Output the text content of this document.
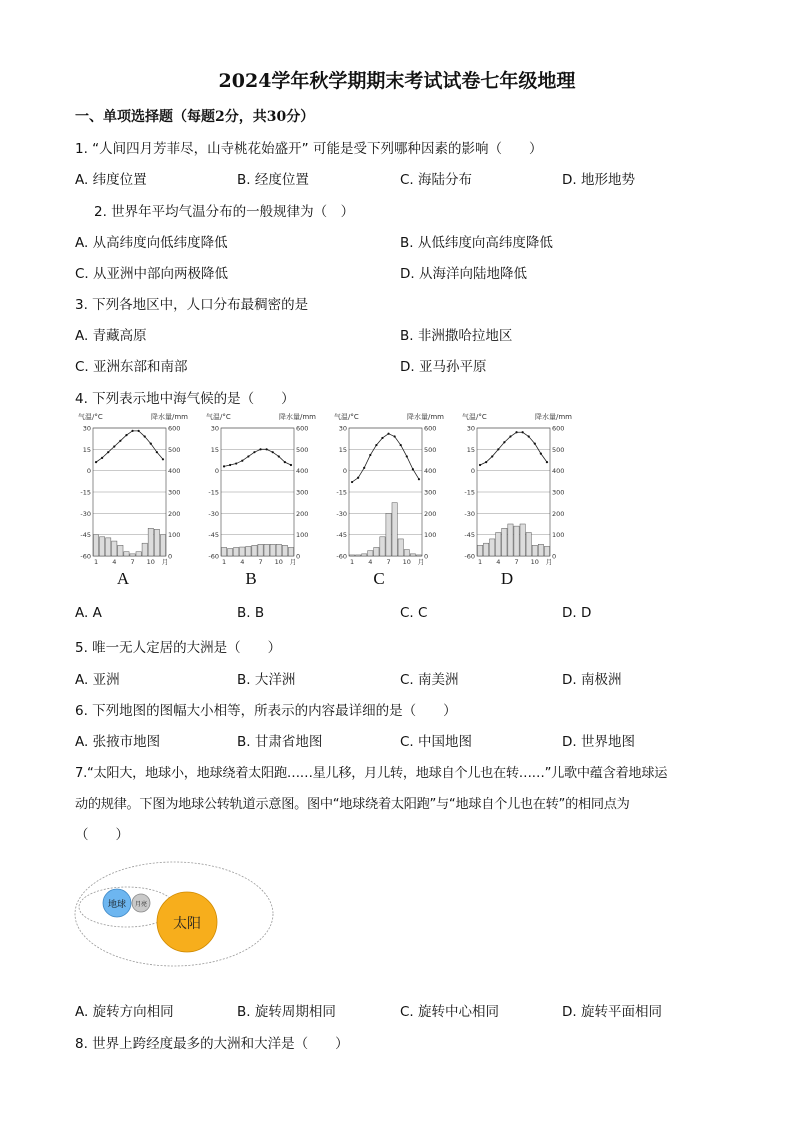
2024学年秋学期期末考试试卷七年级地理
一、单项选择题（每题2分，共30分）
1. “人间四月芳菲尽，山寺桃花始盛开” 可能是受下列哪种因素的影响（　　）
A. 纬度位置	B. 经度位置	C. 海陆分布	D. 地形地势
2. 世界年平均气温分布的一般规律为（　）
A. 从高纬度向低纬度降低	B. 从低纬度向高纬度降低
C. 从亚洲中部向两极降低	D. 从海洋向陆地降低
3. 下列各地区中，人口分布最稠密的是
A. 青藏高原	B. 非洲撒哈拉地区
C. 亚洲东部和南部	D. 亚马孙平原
4. 下列表示地中海气候的是（　　）
气温/°C	降水量/mm
30
15
0
-15
-30
-45
-60
600
500
400
300
200
100
0
1 4 7 10 月
A
气温/°C	降水量/mm
30
15
0
-15
-30
-45
-60
600
500
400
300
200
100
0
1 4 7 10 月
B
气温/°C	降水量/mm
30
15
0
-15
-30
-45
-60
600
500
400
300
200
100
0
1 4 7 10 月
C
气温/°C	降水量/mm
30
15
0
-15
-30
-45
-60
600
500
400
300
200
100
0
1 4 7 10 月
D
A. A	B. B	C. C	D. D
5. 唯一无人定居的大洲是（　　）
A. 亚洲	B. 大洋洲	C. 南美洲	D. 南极洲
6. 下列地图的图幅大小相等，所表示的内容最详细的是（　　）
A. 张掖市地图	B. 甘肃省地图	C. 中国地图	D. 世界地图
7.“太阳大，地球小，地球绕着太阳跑……星儿移，月儿转，地球自个儿也在转……”儿歌中蕴含着地球运
动的规律。下图为地球公转轨道示意图。图中“地球绕着太阳跑”与“地球自个儿也在转”的相同点为
（　　）
太阳
地球 月亮
A. 旋转方向相同	B. 旋转周期相同	C. 旋转中心相同	D. 旋转平面相同
8. 世界上跨经度最多的大洲和大洋是（　　）
